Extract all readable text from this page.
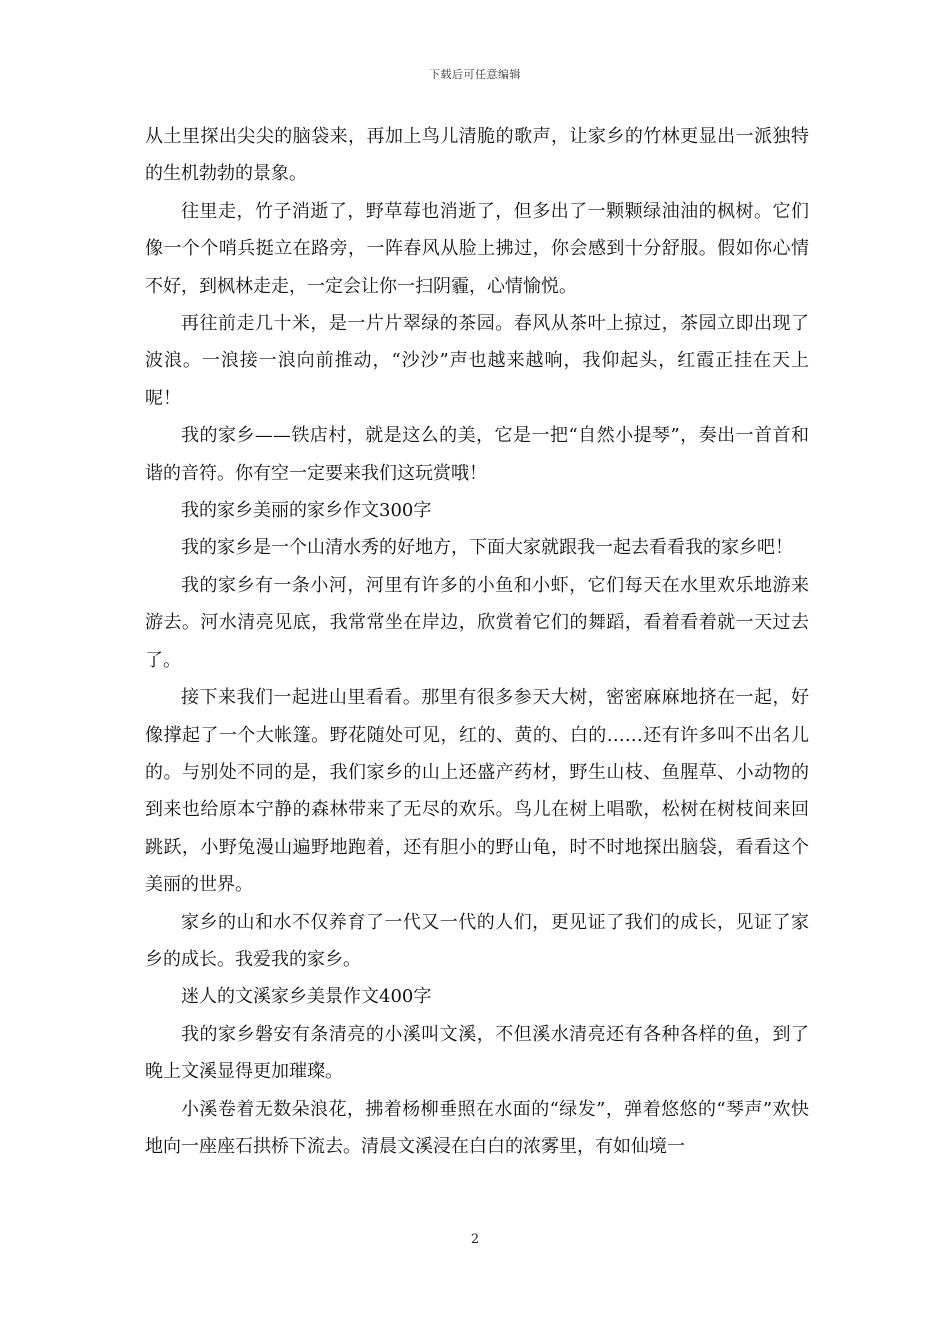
下载后可任意编辑

从土里探出尖尖的脑袋来，再加上鸟儿清脆的歌声，让家乡的竹林更显出一派独特的生机勃勃的景象。

往里走，竹子消逝了，野草莓也消逝了，但多出了一颗颗绿油油的枫树。它们像一个个哨兵挺立在路旁，一阵春风从脸上拂过，你会感到十分舒服。假如你心情不好，到枫林走走，一定会让你一扫阴霾，心情愉悦。

再往前走几十米，是一片片翠绿的茶园。春风从茶叶上掠过，茶园立即出现了波浪。一浪接一浪向前推动，“沙沙”声也越来越响，我仰起头，红霞正挂在天上呢！

我的家乡——铁店村，就是这么的美，它是一把“自然小提琴”，奏出一首首和谐的音符。你有空一定要来我们这玩赏哦！

我的家乡美丽的家乡作文300字

我的家乡是一个山清水秀的好地方，下面大家就跟我一起去看看我的家乡吧！

我的家乡有一条小河，河里有许多的小鱼和小虾，它们每天在水里欢乐地游来游去。河水清亮见底，我常常坐在岸边，欣赏着它们的舞蹈，看着看着就一天过去了。

接下来我们一起进山里看看。那里有很多参天大树，密密麻麻地挤在一起，好像撑起了一个大帐篷。野花随处可见，红的、黄的、白的……还有许多叫不出名儿的。与别处不同的是，我们家乡的山上还盛产药材，野生山枝、鱼腥草、小动物的到来也给原本宁静的森林带来了无尽的欢乐。鸟儿在树上唱歌，松树在树枝间来回跳跃，小野兔漫山遍野地跑着，还有胆小的野山龟，时不时地探出脑袋，看看这个美丽的世界。

家乡的山和水不仅养育了一代又一代的人们，更见证了我们的成长，见证了家乡的成长。我爱我的家乡。

迷人的文溪家乡美景作文400字

我的家乡磐安有条清亮的小溪叫文溪，不但溪水清亮还有各种各样的鱼，到了晚上文溪显得更加璀璨。

小溪卷着无数朵浪花，拂着杨柳垂照在水面的“绿发”，弹着悠悠的“琴声”欢快地向一座座石拱桥下流去。清晨文溪浸在白白的浓雾里，有如仙境一

2
